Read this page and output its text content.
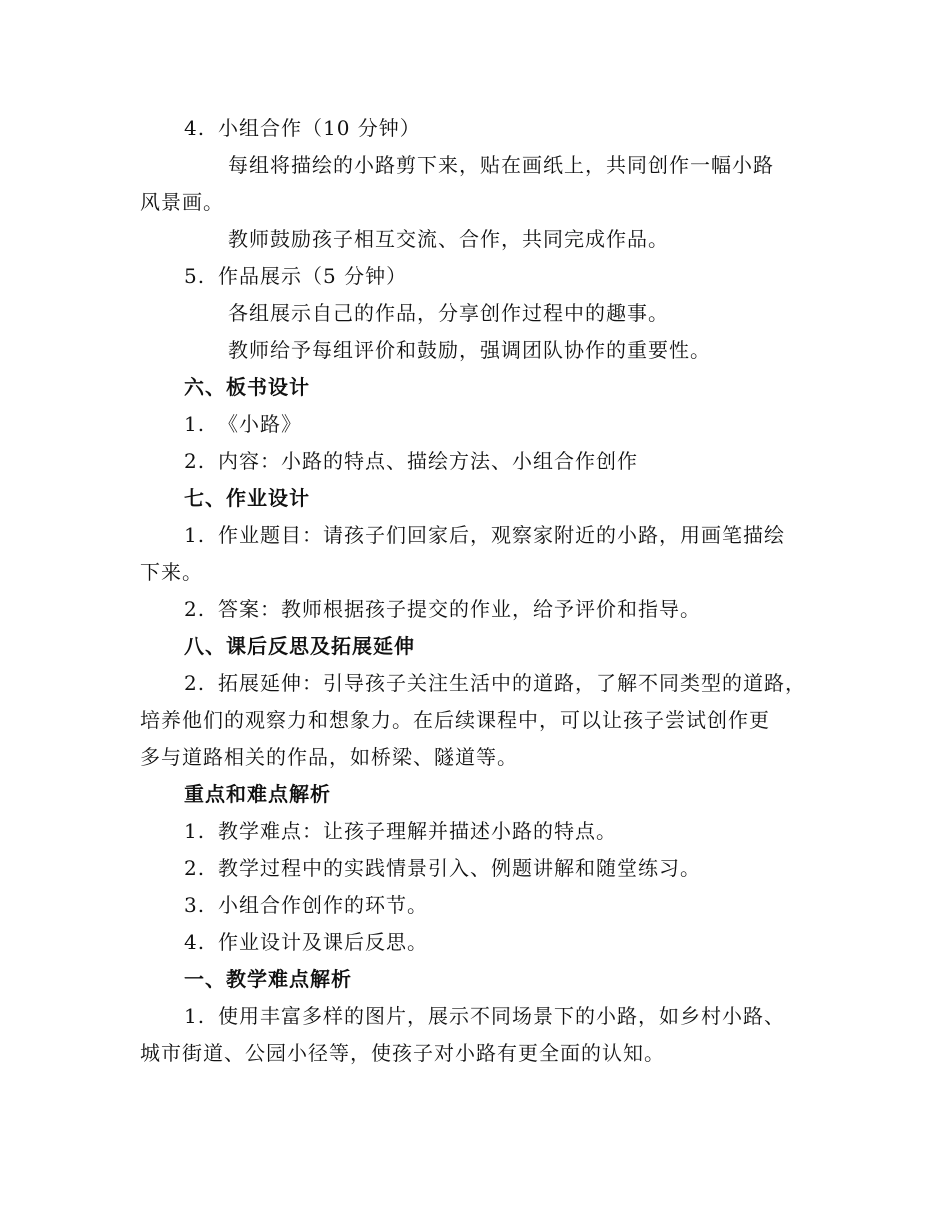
4. 小组合作（10 分钟）
每组将描绘的小路剪下来，贴在画纸上，共同创作一幅小路
风景画。
教师鼓励孩子相互交流、合作，共同完成作品。
5. 作品展示（5 分钟）
各组展示自己的作品，分享创作过程中的趣事。
教师给予每组评价和鼓励，强调团队协作的重要性。
六、板书设计
1. 《小路》
2. 内容：小路的特点、描绘方法、小组合作创作
七、作业设计
1. 作业题目：请孩子们回家后，观察家附近的小路，用画笔描绘
下来。
2. 答案：教师根据孩子提交的作业，给予评价和指导。
八、课后反思及拓展延伸
2. 拓展延伸：引导孩子关注生活中的道路，了解不同类型的道路，
培养他们的观察力和想象力。在后续课程中，可以让孩子尝试创作更
多与道路相关的作品，如桥梁、隧道等。
重点和难点解析
1. 教学难点：让孩子理解并描述小路的特点。
2. 教学过程中的实践情景引入、例题讲解和随堂练习。
3. 小组合作创作的环节。
4. 作业设计及课后反思。
一、教学难点解析
1. 使用丰富多样的图片，展示不同场景下的小路，如乡村小路、
城市街道、公园小径等，使孩子对小路有更全面的认知。
